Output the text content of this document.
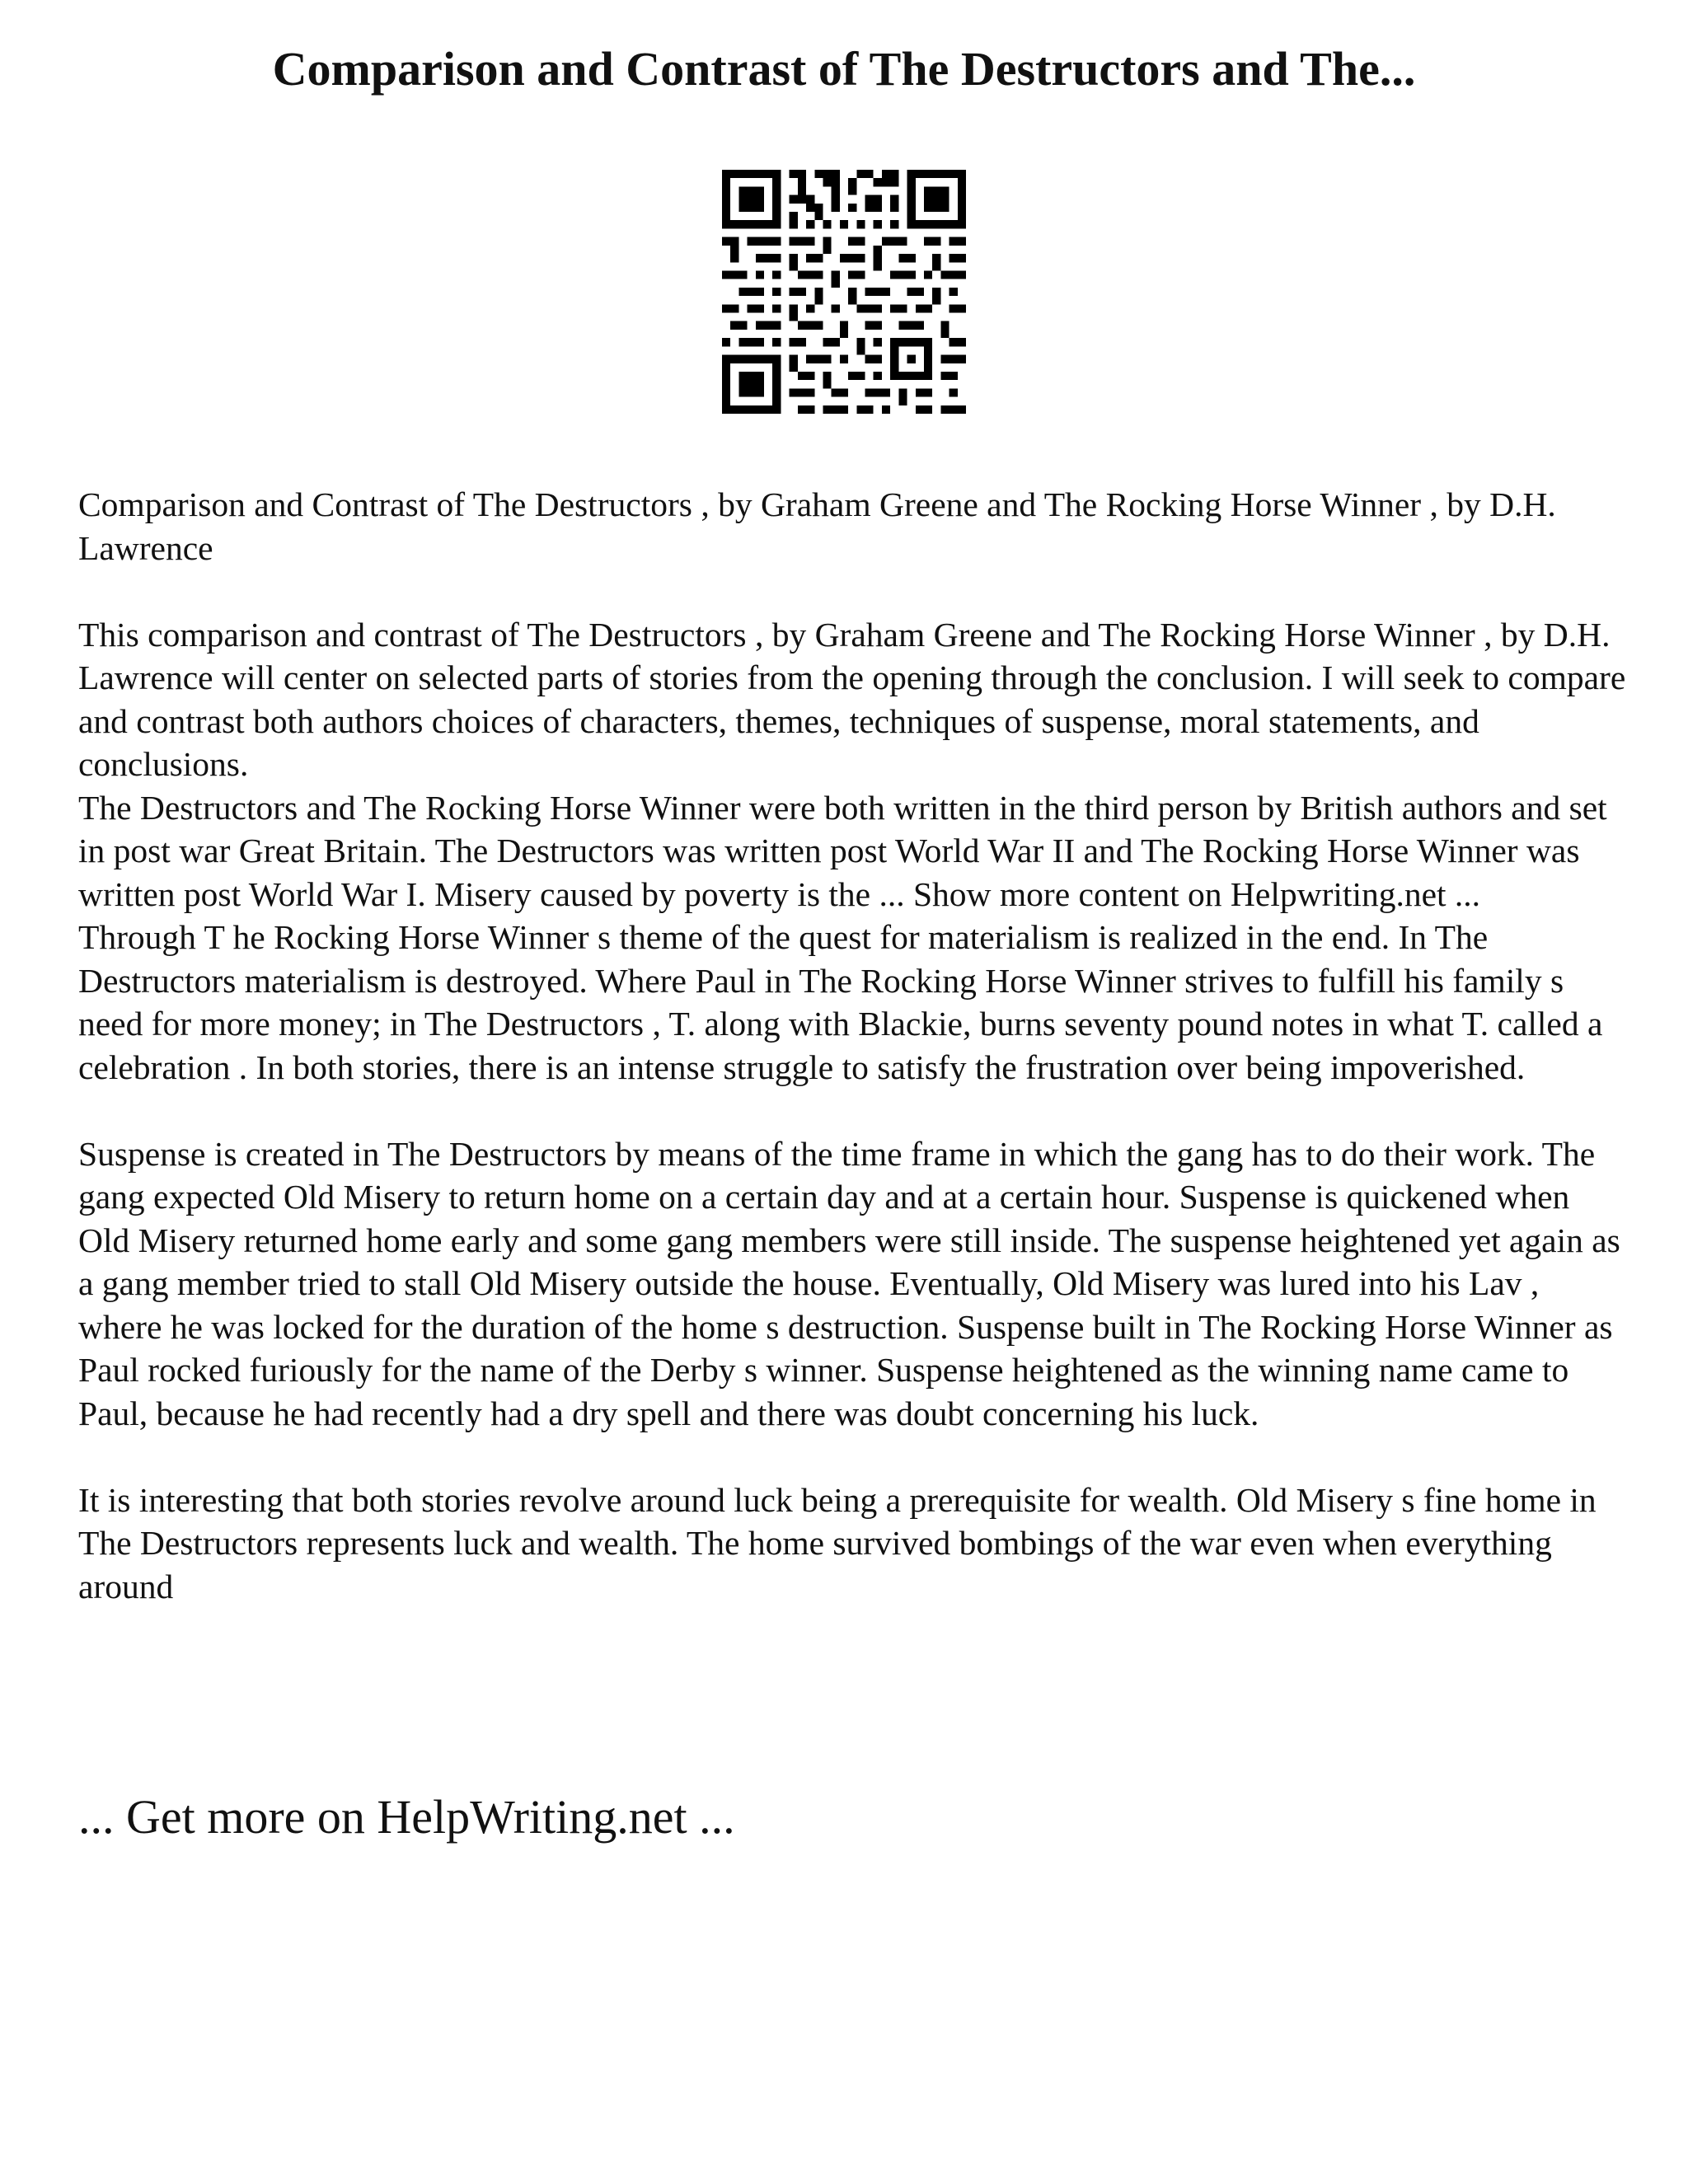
Comparison and Contrast of The Destructors and The...

Comparison and Contrast of The Destructors , by Graham Greene and The Rocking Horse Winner , by D.H. Lawrence

This comparison and contrast of The Destructors , by Graham Greene and The Rocking Horse Winner , by D.H. Lawrence will center on selected parts of stories from the opening through the conclusion. I will seek to compare and contrast both authors choices of characters, themes, techniques of suspense, moral statements, and conclusions.

The Destructors and The Rocking Horse Winner were both written in the third person by British authors and set in post war Great Britain. The Destructors was written post World War II and The Rocking Horse Winner was written post World War I. Misery caused by poverty is the ... Show more content on Helpwriting.net ...

Through T he Rocking Horse Winner s theme of the quest for materialism is realized in the end. In The Destructors materialism is destroyed. Where Paul in The Rocking Horse Winner strives to fulfill his family s need for more money; in The Destructors , T. along with Blackie, burns seventy pound notes in what T. called a celebration . In both stories, there is an intense struggle to satisfy the frustration over being impoverished.

Suspense is created in The Destructors by means of the time frame in which the gang has to do their work. The gang expected Old Misery to return home on a certain day and at a certain hour. Suspense is quickened when Old Misery returned home early and some gang members were still inside. The suspense heightened yet again as a gang member tried to stall Old Misery outside the house. Eventually, Old Misery was lured into his Lav , where he was locked for the duration of the home s destruction. Suspense built in The Rocking Horse Winner as Paul rocked furiously for the name of the Derby s winner. Suspense heightened as the winning name came to Paul, because he had recently had a dry spell and there was doubt concerning his luck.

It is interesting that both stories revolve around luck being a prerequisite for wealth. Old Misery s fine home in The Destructors represents luck and wealth. The home survived bombings of the war even when everything around

... Get more on HelpWriting.net ...
